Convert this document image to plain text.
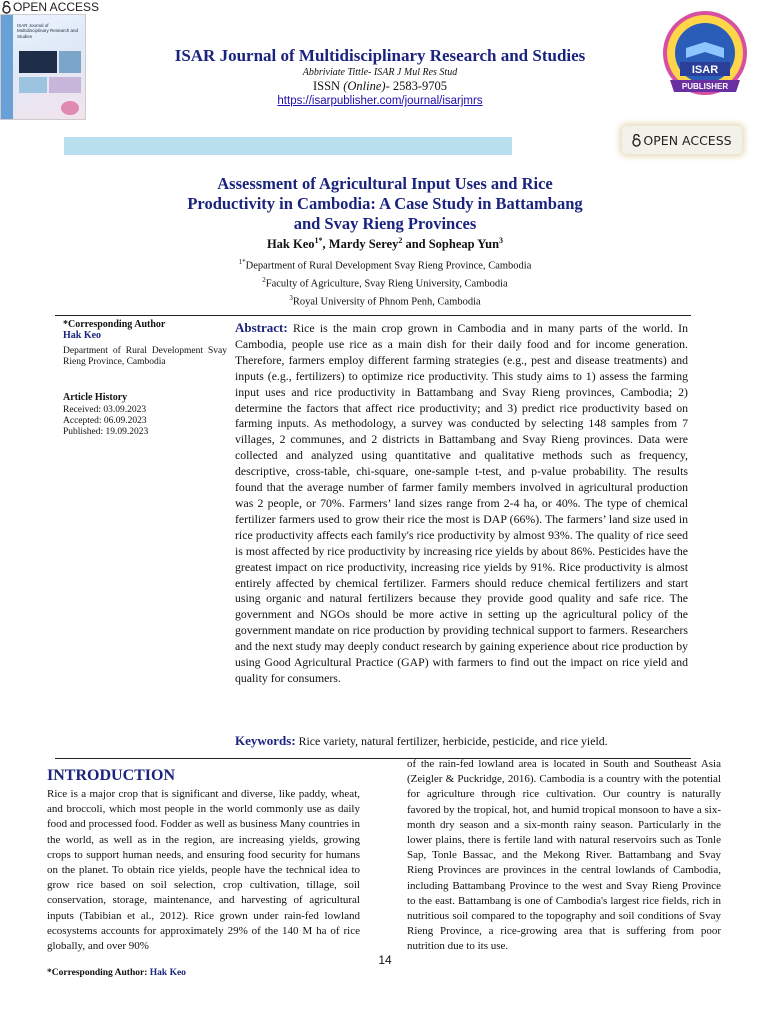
OPEN ACCESS
ISAR Journal of Multidisciplinary Research and Studies
ISAR Journal of Multidisciplinary Research and Studies
Abbriviate Tittle- ISAR J Mul Res Stud
ISSN (Online)- 2583-9705
https://isarpublisher.com/journal/isarjmrs
ISAR
PUBLISHER
OPEN ACCESS
Assessment of Agricultural Input Uses and Rice Productivity in Cambodia: A Case Study in Battambang and Svay Rieng Provinces
Hak Keo$^{1*}$, Mardy Serey$^2$ and Sopheap Yun$^3$
$^{1*}$Department of Rural Development Svay Rieng Province, Cambodia
$^2$Faculty of Agriculture, Svay Rieng University, Cambodia
$^3$Royal University of Phnom Penh, Cambodia
*Corresponding Author
Hak Keo
Department of Rural Development Svay Rieng Province, Cambodia
Article History
Received: 03.09.2023
Accepted: 06.09.2023
Published: 19.09.2023
Abstract: Rice is the main crop grown in Cambodia and in many parts of the world. In Cambodia, people use rice as a main dish for their daily food and for income generation. Therefore, farmers employ different farming strategies (e.g., pest and disease treatments) and inputs (e.g., fertilizers) to optimize rice productivity. This study aims to 1) assess the farming input uses and rice productivity in Battambang and Svay Rieng provinces, Cambodia; 2) determine the factors that affect rice productivity; and 3) predict rice productivity based on farming inputs. As methodology, a survey was conducted by selecting 148 samples from 7 villages, 2 communes, and 2 districts in Battambang and Svay Rieng provinces. Data were collected and analyzed using quantitative and qualitative methods such as frequency, descriptive, cross-table, chi-square, one-sample t-test, and p-value probability. The results found that the average number of farmer family members involved in agricultural production was 2 people, or 70%. Farmers’ land sizes range from 2-4 ha, or 40%. The type of chemical fertilizer farmers used to grow their rice the most is DAP (66%). The farmers’ land size used in rice productivity affects each family's rice productivity by almost 93%. The quality of rice seed is most affected by rice productivity by increasing rice yields by about 86%. Pesticides have the greatest impact on rice productivity, increasing rice yields by 91%. Rice productivity is almost entirely affected by chemical fertilizer. Farmers should reduce chemical fertilizers and start using organic and natural fertilizers because they provide good quality and safe rice. The government and NGOs should be more active in setting up the agricultural policy of the government mandate on rice production by providing technical support to farmers. Researchers and the next study may deeply conduct research by gaining experience about rice production by using Good Agricultural Practice (GAP) with farmers to find out the impact on rice yield and quality for consumers.
Keywords: Rice variety, natural fertilizer, herbicide, pesticide, and rice yield.
INTRODUCTION
Rice is a major crop that is significant and diverse, like paddy, wheat, and broccoli, which most people in the world commonly use as daily food and processed food. Fodder as well as business Many countries in the world, as well as in the region, are increasing yields, growing crops to support human needs, and ensuring food security for humans on the planet. To obtain rice yields, people have the technical idea to grow rice based on soil selection, crop cultivation, tillage, soil conservation, storage, maintenance, and harvesting of agricultural inputs (Tabibian et al., 2012). Rice grown under rain-fed lowland ecosystems accounts for approximately 29% of the 140 M ha of rice globally, and over 90%
of the rain-fed lowland area is located in South and Southeast Asia (Zeigler & Puckridge, 2016). Cambodia is a country with the potential for agriculture through rice cultivation. Our country is naturally favored by the tropical, hot, and humid tropical monsoon to have a six-month dry season and a six-month rainy season. Particularly in the lower plains, there is fertile land with natural reservoirs such as Tonle Sap, Tonle Bassac, and the Mekong River. Battambang and Svay Rieng Provinces are provinces in the central lowlands of Cambodia, including Battambang Province to the west and Svay Rieng Province to the east. Battambang is one of Cambodia's largest rice fields, rich in nutritious soil compared to the topography and soil conditions of Svay Rieng Province, a rice-growing area that is suffering from poor nutrition due to its use.
14
*Corresponding Author: Hak Keo
